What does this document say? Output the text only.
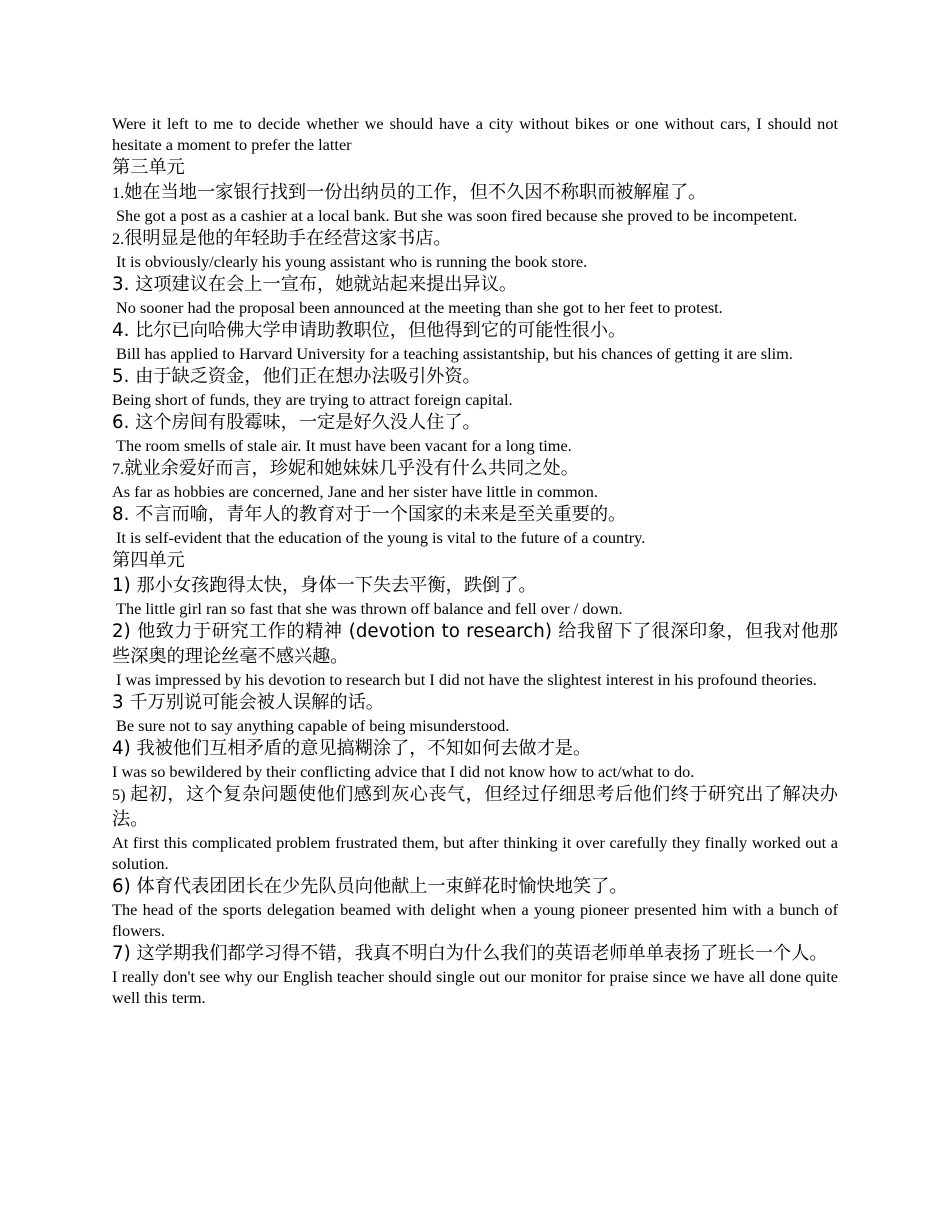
Were it left to me to decide whether we should have a city without bikes or one without cars, I should not hesitate a moment to prefer the latter

第三单元

1.她在当地一家银行找到一份出纳员的工作，但不久因不称职而被解雇了。

She got a post as a cashier at a local bank. But she was soon fired because she proved to be incompetent.

2.很明显是他的年轻助手在经营这家书店。

It is obviously/clearly his young assistant who is running the book store.

3. 这项建议在会上一宣布，她就站起来提出异议。

No sooner had the proposal been announced at the meeting than she got to her feet to protest.

4. 比尔已向哈佛大学申请助教职位，但他得到它的可能性很小。

Bill has applied to Harvard University for a teaching assistantship, but his chances of getting it are slim.

5. 由于缺乏资金，他们正在想办法吸引外资。

Being short of funds, they are trying to attract foreign capital.

6. 这个房间有股霉味，一定是好久没人住了。

The room smells of stale air. It must have been vacant for a long time.

7.就业余爱好而言，珍妮和她妹妹几乎没有什么共同之处。

As far as hobbies are concerned, Jane and her sister have little in common.

8. 不言而喻，青年人的教育对于一个国家的未来是至关重要的。

It is self-evident that the education of the young is vital to the future of a country.

第四单元

1) 那小女孩跑得太快，身体一下失去平衡，跌倒了。

The little girl ran so fast that she was thrown off balance and fell over / down.

2) 他致力于研究工作的精神 (devotion to research) 给我留下了很深印象，但我对他那些深奥的理论丝毫不感兴趣。

I was impressed by his devotion to research but I did not have the slightest interest in his profound theories.

3 千万别说可能会被人误解的话。

Be sure not to say anything capable of being misunderstood.

4) 我被他们互相矛盾的意见搞糊涂了，不知如何去做才是。

I was so bewildered by their conflicting advice that I did not know how to act/what to do.

5) 起初，这个复杂问题使他们感到灰心丧气，但经过仔细思考后他们终于研究出了解决办法。

At first this complicated problem frustrated them, but after thinking it over carefully they finally worked out a solution.

6) 体育代表团团长在少先队员向他献上一束鲜花时愉快地笑了。

The head of the sports delegation beamed with delight when a young pioneer presented him with a bunch of flowers.

7) 这学期我们都学习得不错，我真不明白为什么我们的英语老师单单表扬了班长一个人。

I really don't see why our English teacher should single out our monitor for praise since we have all done quite well this term.
